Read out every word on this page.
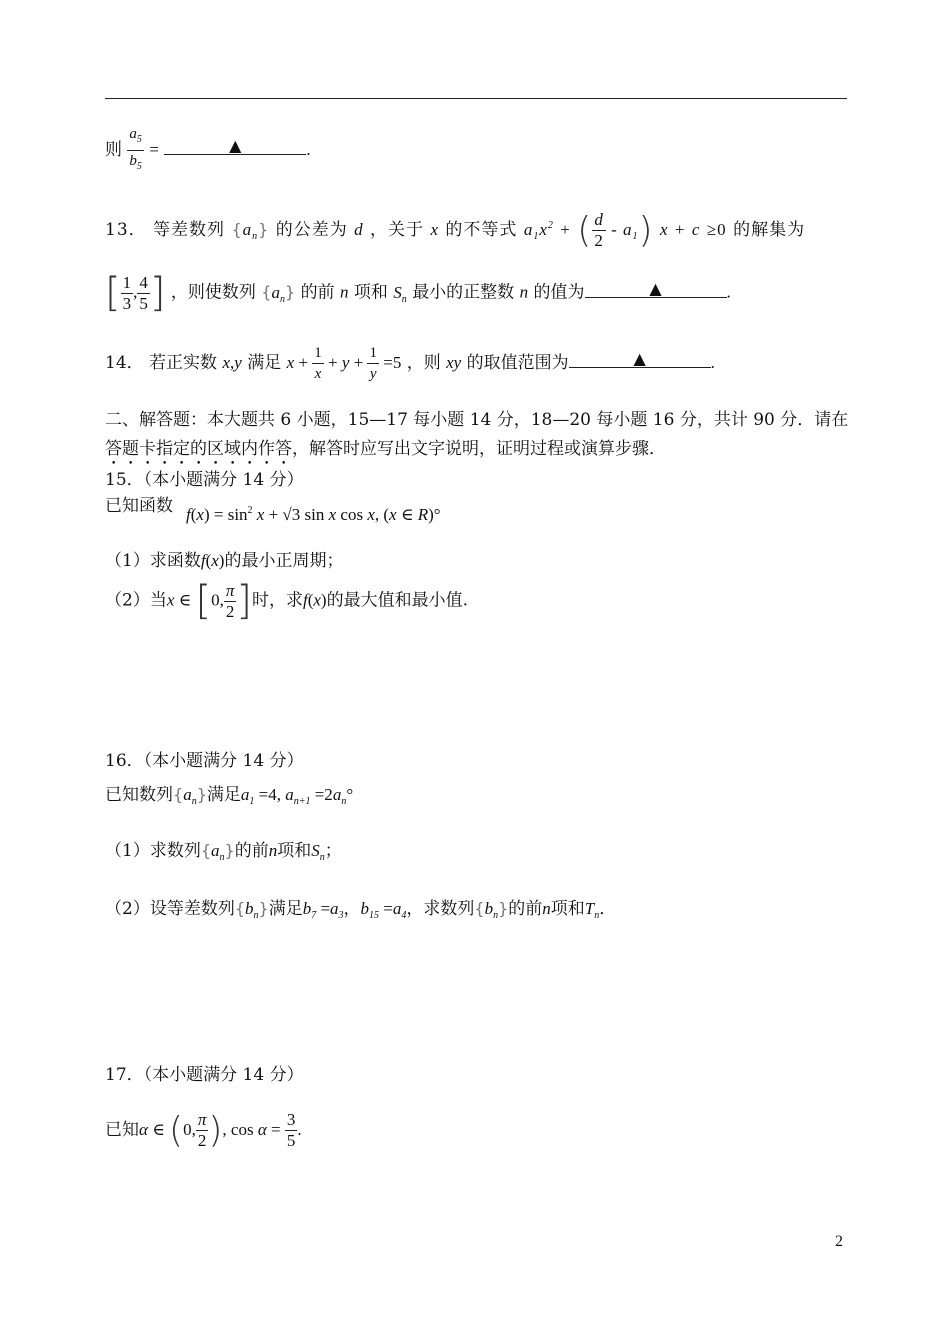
则 $\frac{a_5}{b_5}$ =	▲	.
13． 等差数列 $\{a_n\}$ 的公差为 d ，关于 x 的不等式 $a_1x^2$ + ( $\frac{d}{2} - a_1$) x + c ≥0 的解集为
[ $\frac{1}{3}$ , $\frac{4}{5}$ ] ，则使数列 $\{a_n\}$ 的前 n 项和 $S_n$ 最小的正整数 n 的值为	▲	.
14． 若正实数 x,y 满足 $x + \frac{1}{x} + y + \frac{1}{y} =5$ ，则 xy 的取值范围为	▲	.
二、解答题：本大题共 6 小题，15—17 每小题 14 分，18—20 每小题 16 分，共计 90 分．请在
答题卡指定的区域内作答，解答时应写出文字说明，证明过程或演算步骤．
15．（本小题满分 14 分）
已知函数 $f(x) = \sin^2 x + √3$ sin x cos x, (x ∈ R)°
（1）求函数f(x)的最小正周期；
（2）当x ∈ [0, $\frac{\pi}{2}$ ]时，求f(x)的最大值和最小值.
16．（本小题满分 14 分）
已知数列$\{a_n\}$满足$a_1 =4$, $a_{n+1} =2a_n^\circ$
（1）求数列$\{a_n\}$的前n项和$S_n$；
（2）设等差数列$\{b_n\}$满足$b_7 =a_3$，$b_{15} =a_4$，求数列$\{b_n\}$的前n项和$T_n$．
17．（本小题满分 14 分）
已知α ∈ (0, $\frac{\pi}{2}$ ), $\cos \alpha = \frac{3}{5}$ .
2
